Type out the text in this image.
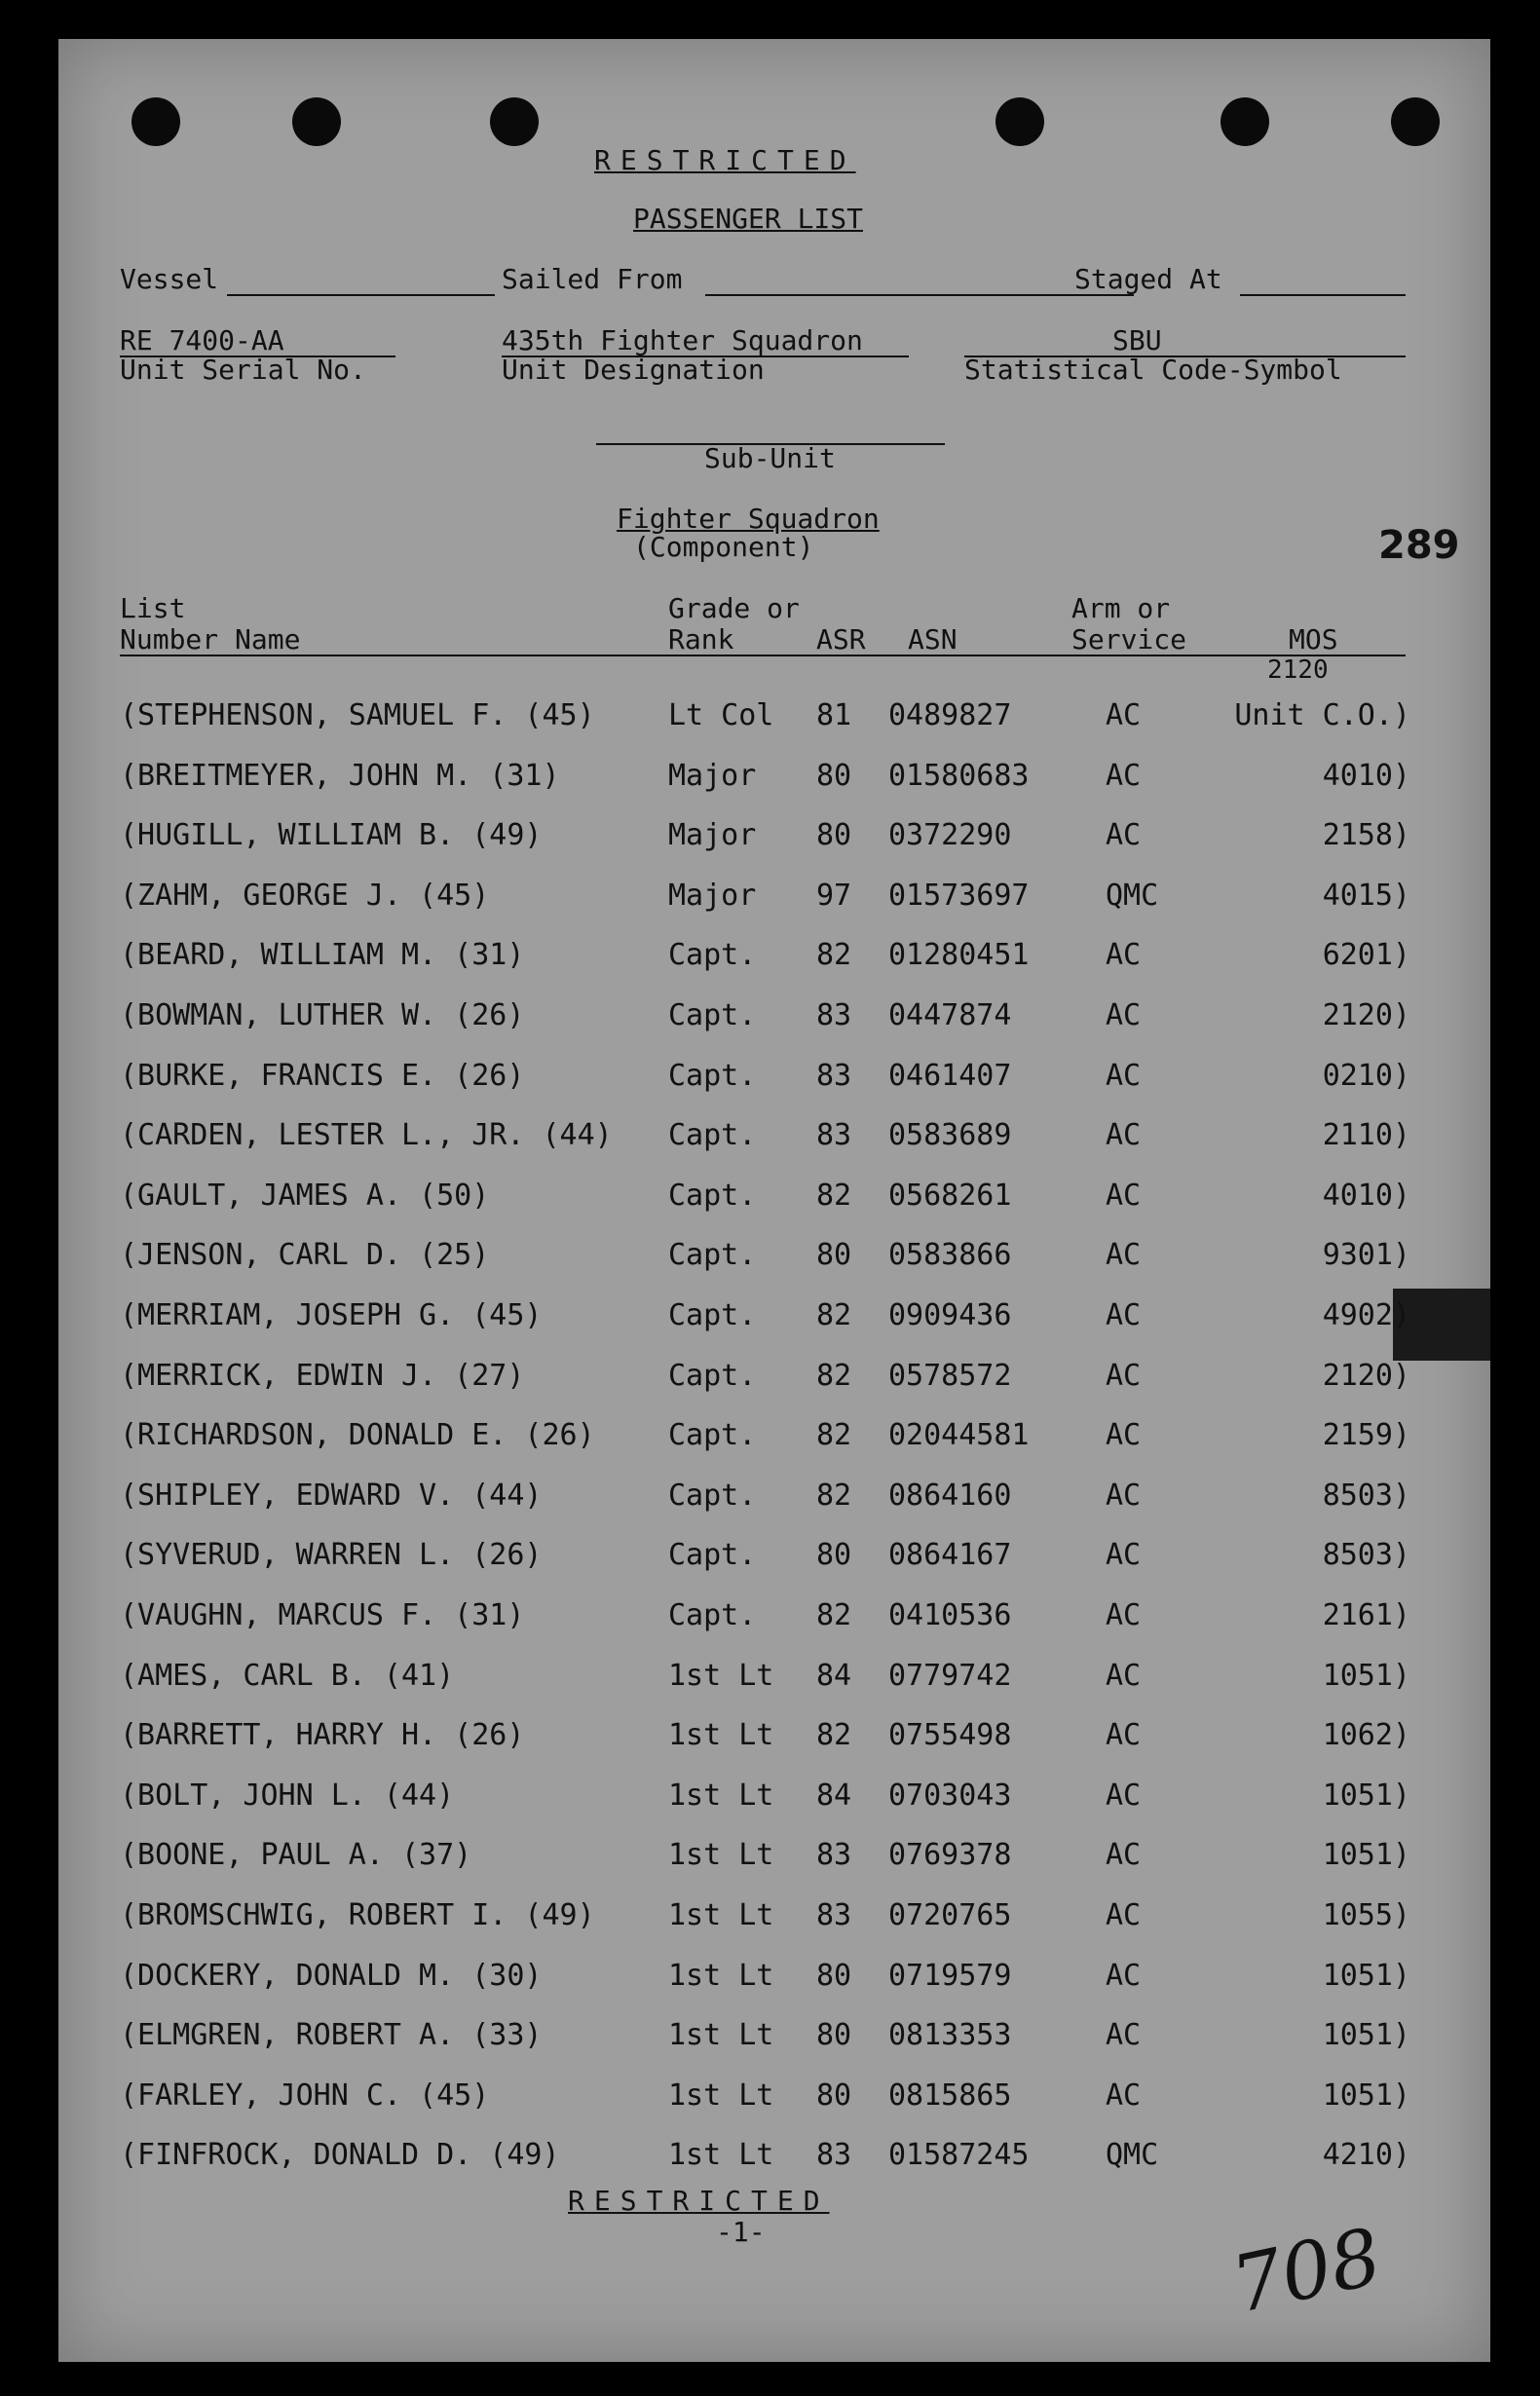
RESTRICTED
PASSENGER LIST
Vessel	Sailed From	Staged At
RE 7400-AA
Unit Serial No.
435th Fighter Squadron
Unit Designation
SBU
Statistical Code-Symbol
Sub-Unit
Fighter Squadron
(Component)	289
List
Number Name
Grade or
Rank	ASR ASN
Arm or
Service	MOS
2120
(STEPHENSON, SAMUEL F. (45)	Lt Col 81 0489827	AC	Unit C.O.)
(BREITMEYER, JOHN M. (31)	Major 80 01580683	AC	4010)
(HUGILL, WILLIAM B. (49)	Major 80 0372290	AC	2158)
(ZAHM, GEORGE J. (45)	Major 97 01573697	QMC	4015)
(BEARD, WILLIAM M. (31)	Capt. 82 01280451	AC	6201)
(BOWMAN, LUTHER W. (26)	Capt. 83 0447874	AC	2120)
(BURKE, FRANCIS E. (26)	Capt. 83 0461407	AC	0210)
(CARDEN, LESTER L., JR. (44) Capt. 83 0583689	AC	2110)
(GAULT, JAMES A. (50)	Capt. 82 0568261	AC	4010)
(JENSON, CARL D. (25)	Capt. 80 0583866	AC	9301)
(MERRIAM, JOSEPH G. (45)	Capt. 82 0909436	AC	4902)
(MERRICK, EDWIN J. (27)	Capt. 82 0578572	AC	2120)
(RICHARDSON, DONALD E. (26)	Capt. 82 02044581	AC	2159)
(SHIPLEY, EDWARD V. (44)	Capt. 82 0864160	AC	8503)
(SYVERUD, WARREN L. (26)	Capt. 80 0864167	AC	8503)
(VAUGHN, MARCUS F. (31)	Capt. 82 0410536	AC	2161)
(AMES, CARL B. (41)	1st Lt 84 0779742	AC	1051)
(BARRETT, HARRY H. (26)	1st Lt 82 0755498	AC	1062)
(BOLT, JOHN L. (44)	1st Lt 84 0703043	AC	1051)
(BOONE, PAUL A. (37)	1st Lt 83 0769378	AC	1051)
(BROMSCHWIG, ROBERT I. (49)	1st Lt 83 0720765	AC	1055)
(DOCKERY, DONALD M. (30)	1st Lt 80 0719579	AC	1051)
(ELMGREN, ROBERT A. (33)	1st Lt 80 0813353	AC	1051)
(FARLEY, JOHN C. (45)	1st Lt 80 0815865	AC	1051)
(FINFROCK, DONALD D. (49)	1st Lt 83 01587245	QMC	4210)
RESTRICTED
-1-	708
